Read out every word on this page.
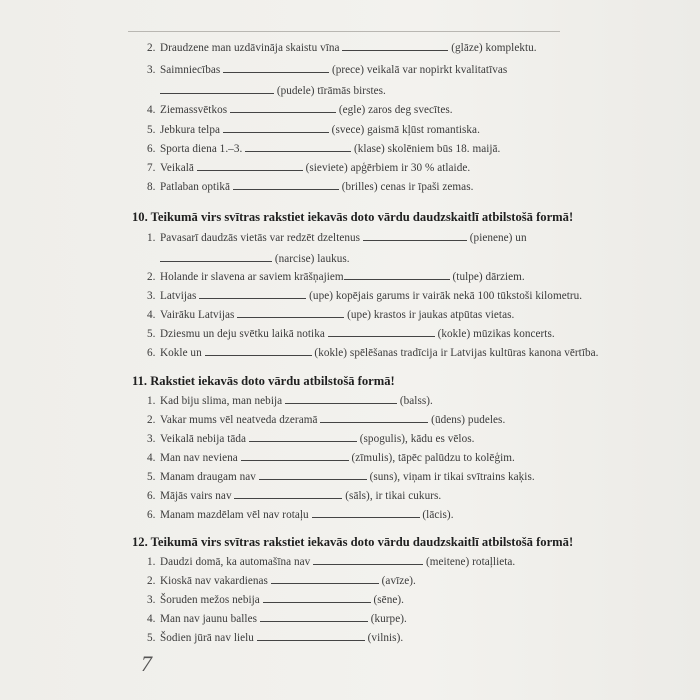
2. Draudzene man uzdāvināja skaistu vīna	(glāze) komplektu.
3. Saimniecības	(prece) veikalā var nopirkt kvalitatīvas
(pudele) tīrāmās birstes.
4. Ziemassvētkos	(egle) zaros deg svecītes.
5. Jebkura telpa	(svece) gaismā kļūst romantiska.
6. Sporta diena 1.–3.	(klase) skolēniem būs 18. maijā.
7. Veikalā	(sieviete) apģērbiem ir 30 % atlaide.
8. Patlaban optikā	(brilles) cenas ir īpaši zemas.
10. Teikumā virs svītras rakstiet iekavās doto vārdu daudzskaitlī atbilstošā formā!
1. Pavasarī daudzās vietās var redzēt dzeltenus	(pienene) un
(narcise) laukus.
2. Holande ir slavena ar saviem krāšņajiem	(tulpe) dārziem.
3. Latvijas	(upe) kopējais garums ir vairāk nekā 100 tūkstoši kilometru.
4. Vairāku Latvijas	(upe) krastos ir jaukas atpūtas vietas.
5. Dziesmu un deju svētku laikā notika	(kokle) mūzikas koncerts.
6. Kokle un	(kokle) spēlēšanas tradīcija ir Latvijas kultūras kanona vērtība.
11. Rakstiet iekavās doto vārdu atbilstošā formā!
1. Kad biju slima, man nebija	(balss).
2. Vakar mums vēl neatveda dzeramā	(ūdens) pudeles.
3. Veikalā nebija tāda	(spogulis), kādu es vēlos.
4. Man nav neviena	(zīmulis), tāpēc palūdzu to kolēģim.
5. Manam draugam nav	(suns), viņam ir tikai svītrains kaķis.
6. Mājās vairs nav	(sāls), ir tikai cukurs.
6. Manam mazdēlam vēl nav rotaļu	(lācis).
12. Teikumā virs svītras rakstiet iekavās doto vārdu daudzskaitlī atbilstošā formā!
1. Daudzi domā, ka automašīna nav	(meitene) rotaļlieta.
2. Kioskā nav vakardienas	(avīze).
3. Šoruden mežos nebija	(sēne).
4. Man nav jaunu balles	(kurpe).
5. Šodien jūrā nav lielu	(vilnis).
7
